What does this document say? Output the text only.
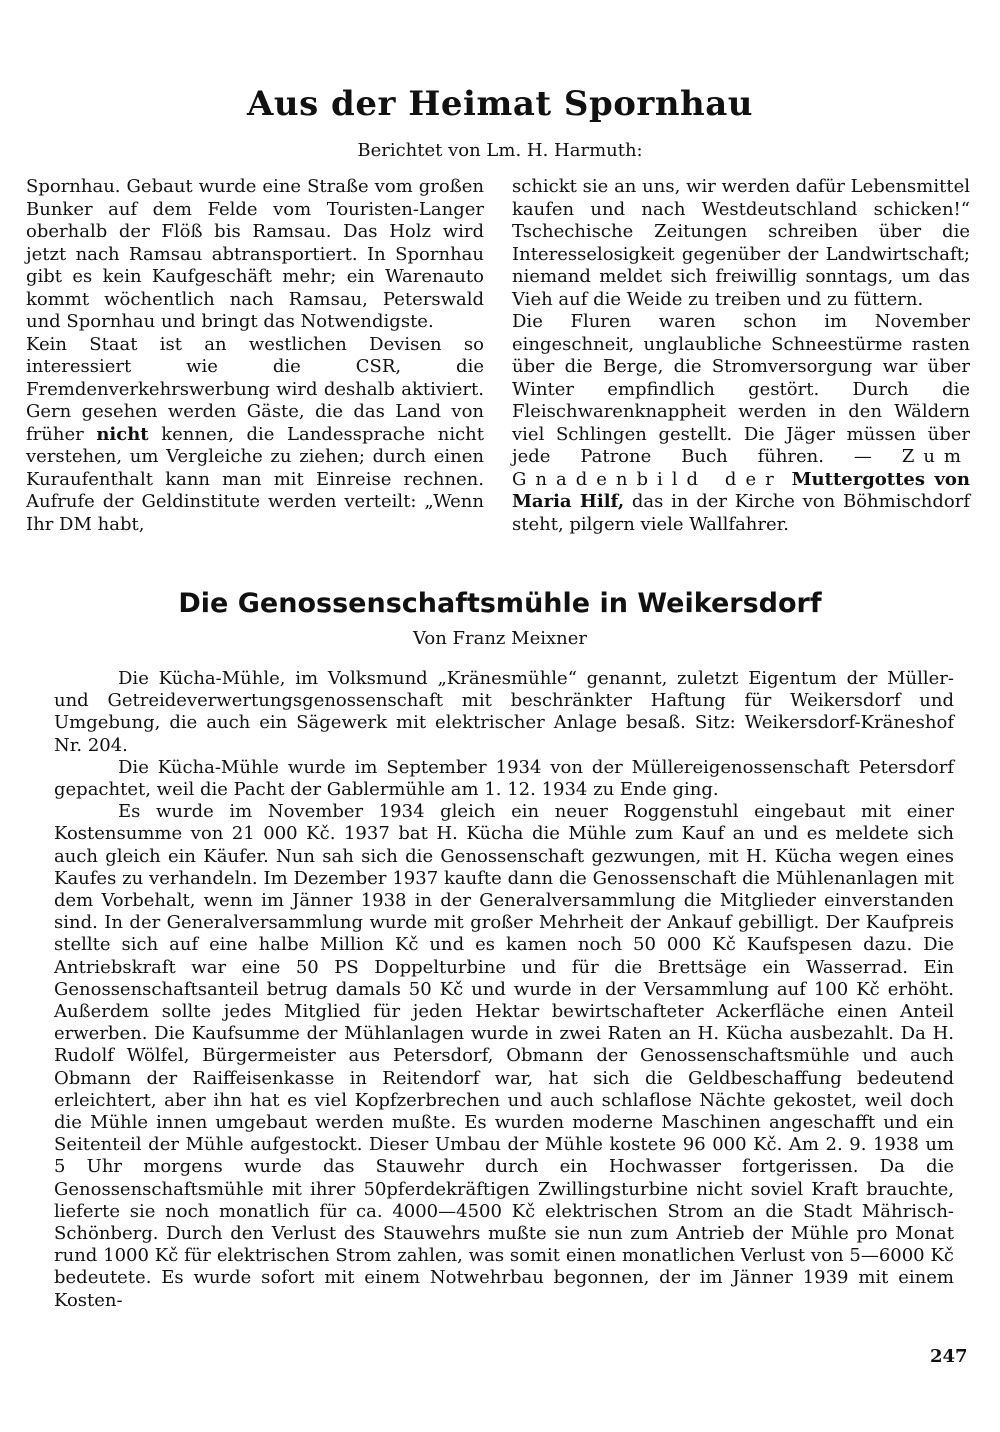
Aus der Heimat Spornhau
Berichtet von Lm. H. Harmuth:

Spornhau. Gebaut wurde eine Straße vom großen Bunker auf dem Felde vom Touristen-Langer oberhalb der Flöß bis Ramsau. Das Holz wird jetzt nach Ramsau abtransportiert. In Spornhau gibt es kein Kaufgeschäft mehr; ein Warenauto kommt wöchentlich nach Ramsau, Peterswald und Spornhau und bringt das Notwendigste.

Kein Staat ist an westlichen Devisen so interessiert wie die CSR, die Fremdenverkehrswerbung wird deshalb aktiviert. Gern gesehen werden Gäste, die das Land von früher nicht kennen, die Landessprache nicht verstehen, um Vergleiche zu ziehen; durch einen Kuraufenthalt kann man mit Einreise rechnen. Aufrufe der Geldinstitute werden verteilt: „Wenn Ihr DM habt,

schickt sie an uns, wir werden dafür Lebensmittel kaufen und nach Westdeutschland schicken!“ Tschechische Zeitungen schreiben über die Interesselosigkeit gegenüber der Landwirtschaft; niemand meldet sich freiwillig sonntags, um das Vieh auf die Weide zu treiben und zu füttern.

Die Fluren waren schon im November eingeschneit, unglaubliche Schneestürme rasten über die Berge, die Stromversorgung war über Winter empfindlich gestört. Durch die Fleischwarenknappheit werden in den Wäldern viel Schlingen gestellt. Die Jäger müssen über jede Patrone Buch führen. — Zum Gnadenbild der Muttergottes von Maria Hilf, das in der Kirche von Böhmischdorf steht, pilgern viele Wallfahrer.

Die Genossenschaftsmühle in Weikersdorf
Von Franz Meixner

Die Kücha-Mühle, im Volksmund „Kränesmühle“ genannt, zuletzt Eigentum der Müller- und Getreideverwertungsgenossenschaft mit beschränkter Haftung für Weikersdorf und Umgebung, die auch ein Sägewerk mit elektrischer Anlage besaß. Sitz: Weikersdorf-Kräneshof Nr. 204.

Die Kücha-Mühle wurde im September 1934 von der Müllereigenossenschaft Petersdorf gepachtet, weil die Pacht der Gablermühle am 1. 12. 1934 zu Ende ging.

Es wurde im November 1934 gleich ein neuer Roggenstuhl eingebaut mit einer Kostensumme von 21 000 Kč. 1937 bat H. Kücha die Mühle zum Kauf an und es meldete sich auch gleich ein Käufer. Nun sah sich die Genossenschaft gezwungen, mit H. Kücha wegen eines Kaufes zu verhandeln. Im Dezember 1937 kaufte dann die Genossenschaft die Mühlenanlagen mit dem Vorbehalt, wenn im Jänner 1938 in der Generalversammlung die Mitglieder einverstanden sind. In der Generalversammlung wurde mit großer Mehrheit der Ankauf gebilligt. Der Kaufpreis stellte sich auf eine halbe Million Kč und es kamen noch 50 000 Kč Kaufspesen dazu. Die Antriebskraft war eine 50 PS Doppelturbine und für die Brettsäge ein Wasserrad. Ein Genossenschaftsanteil betrug damals 50 Kč und wurde in der Versammlung auf 100 Kč erhöht. Außerdem sollte jedes Mitglied für jeden Hektar bewirtschafteter Ackerfläche einen Anteil erwerben. Die Kaufsumme der Mühlanlagen wurde in zwei Raten an H. Kücha ausbezahlt. Da H. Rudolf Wölfel, Bürgermeister aus Petersdorf, Obmann der Genossenschaftsmühle und auch Obmann der Raiffeisenkasse in Reitendorf war, hat sich die Geldbeschaffung bedeutend erleichtert, aber ihn hat es viel Kopfzerbrechen und auch schlaflose Nächte gekostet, weil doch die Mühle innen umgebaut werden mußte. Es wurden moderne Maschinen angeschafft und ein Seitenteil der Mühle aufgestockt. Dieser Umbau der Mühle kostete 96 000 Kč. Am 2. 9. 1938 um 5 Uhr morgens wurde das Stauwehr durch ein Hochwasser fortgerissen. Da die Genossenschaftsmühle mit ihrer 50pferdekräftigen Zwillingsturbine nicht soviel Kraft brauchte, lieferte sie noch monatlich für ca. 4000—4500 Kč elektrischen Strom an die Stadt Mährisch-Schönberg. Durch den Verlust des Stauwehrs mußte sie nun zum Antrieb der Mühle pro Monat rund 1000 Kč für elektrischen Strom zahlen, was somit einen monatlichen Verlust von 5—6000 Kč bedeutete. Es wurde sofort mit einem Notwehrbau begonnen, der im Jänner 1939 mit einem Kosten-

247
